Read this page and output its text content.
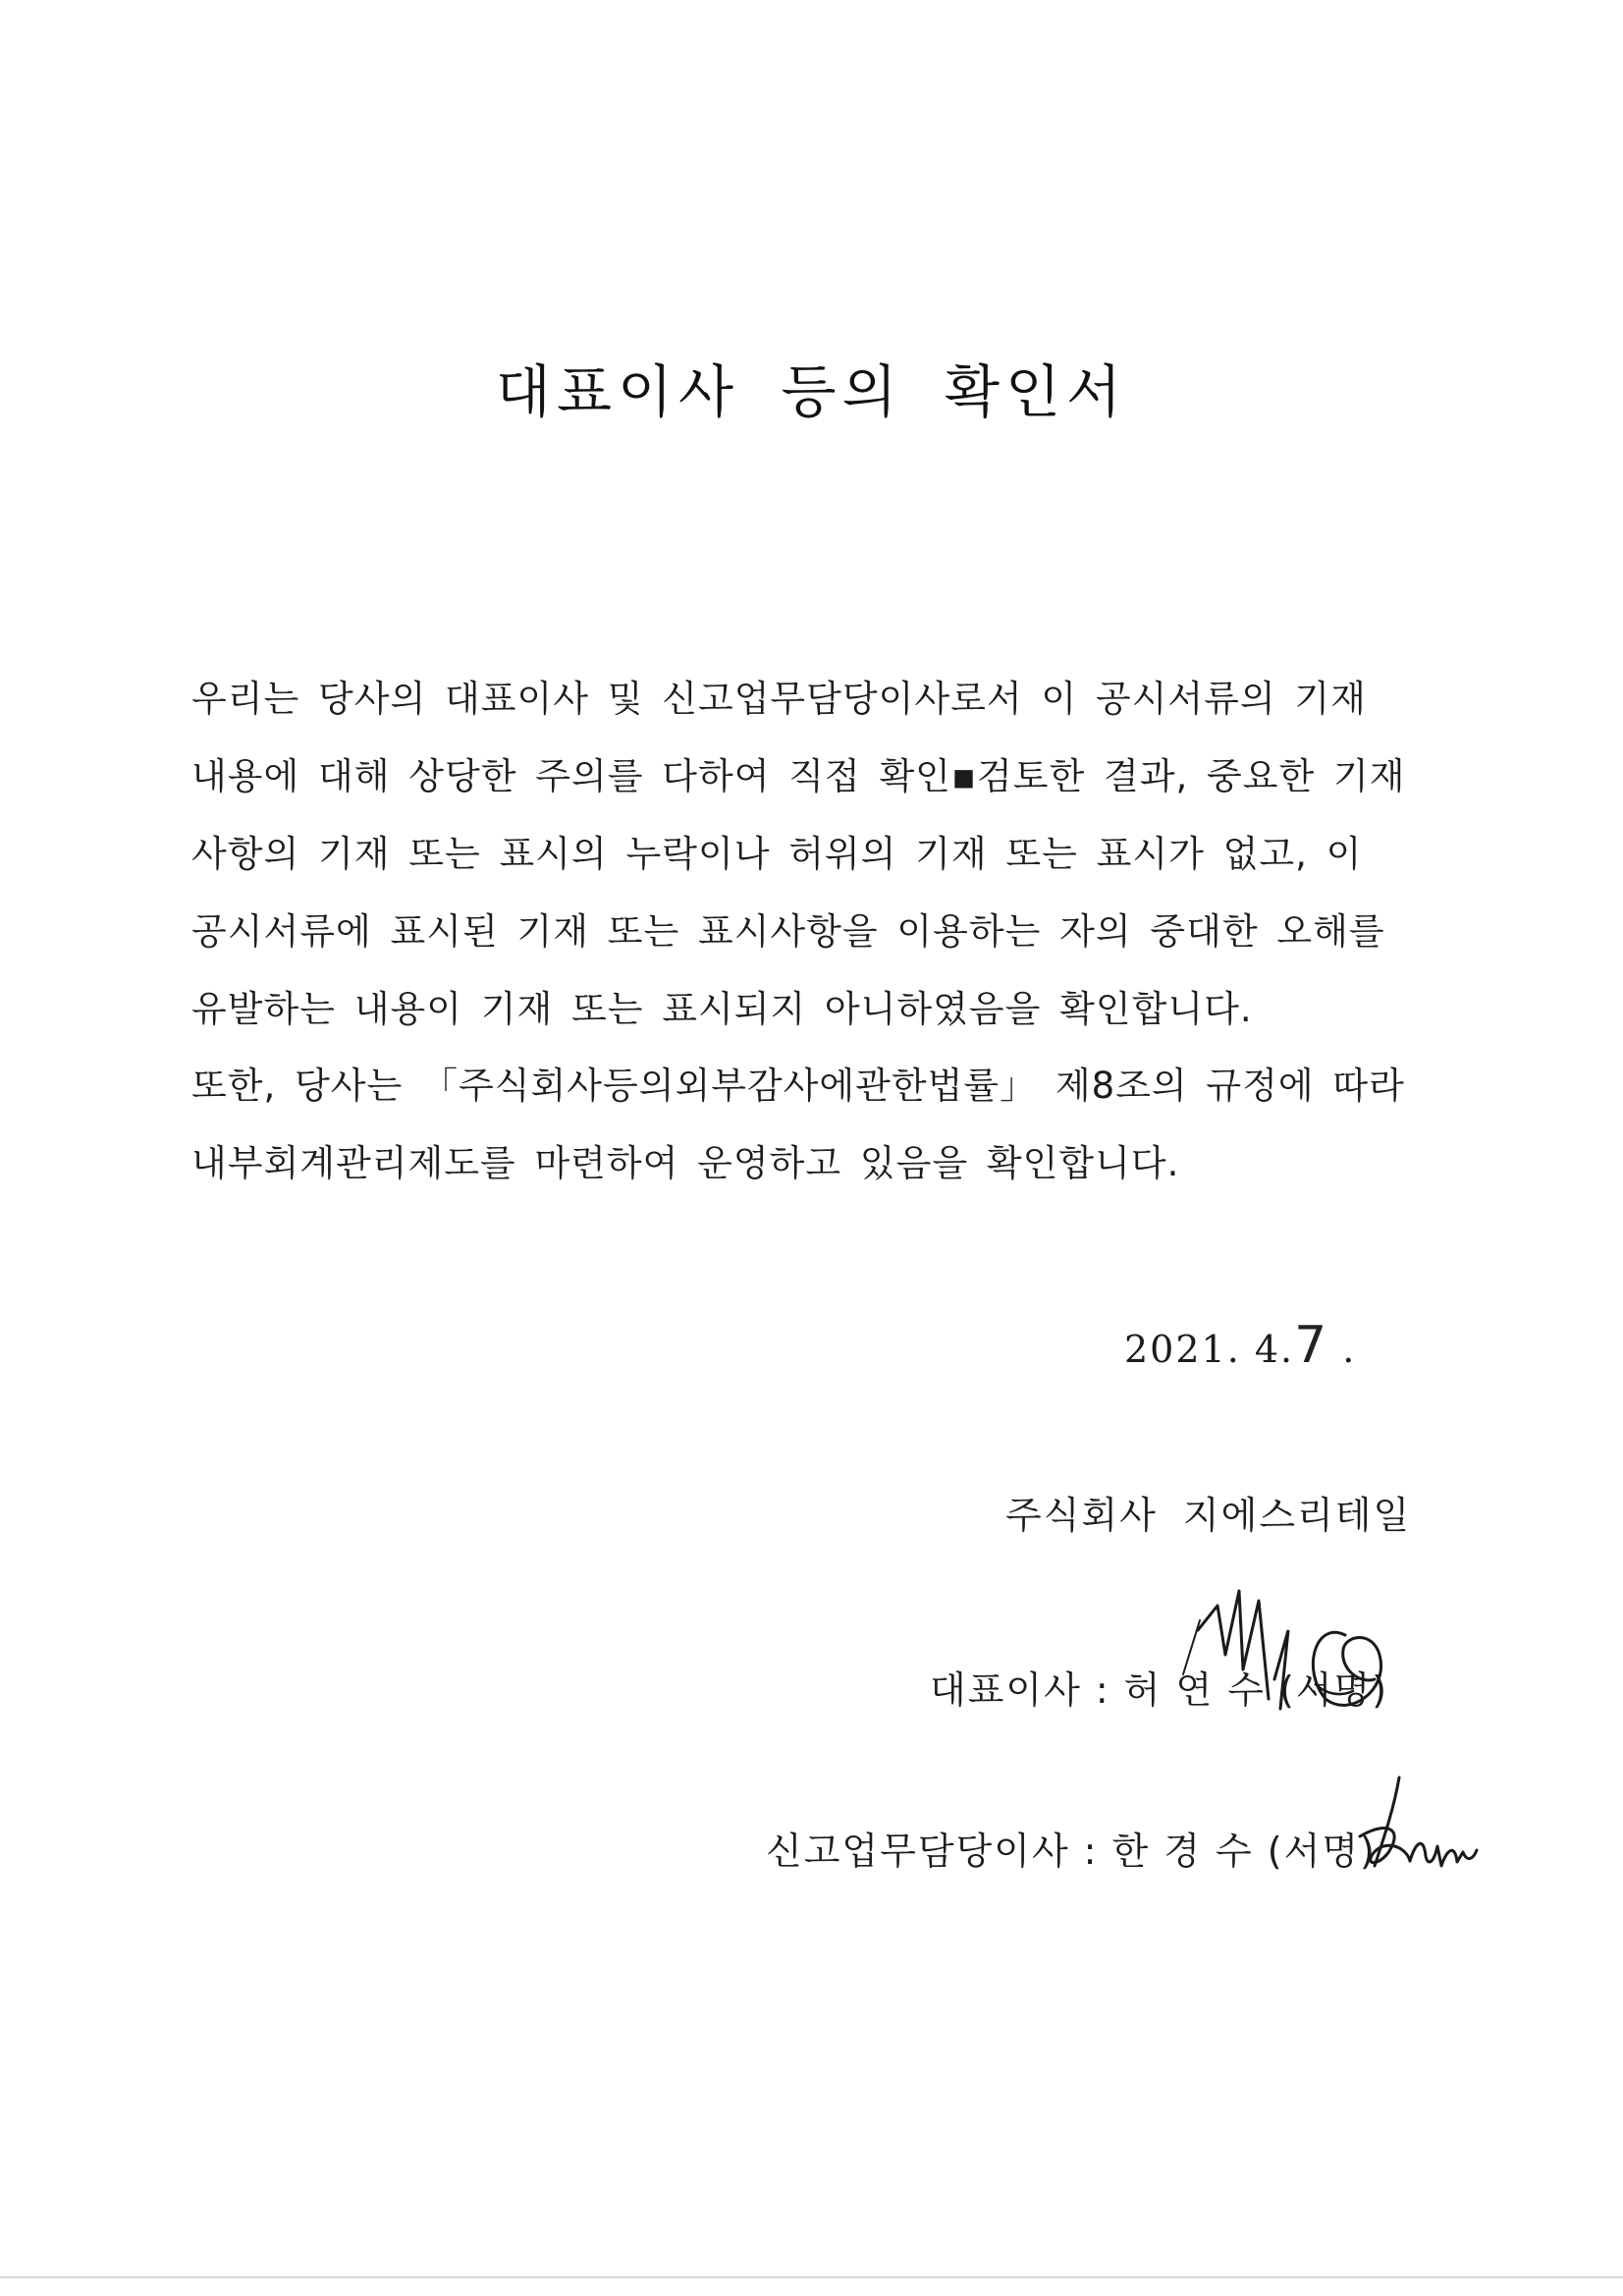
대표이사 등의 확인서
우리는 당사의 대표이사 및 신고업무담당이사로서 이 공시서류의 기재
내용에 대해 상당한 주의를 다하여 직접 확인▪검토한 결과, 중요한 기재
사항의 기재 또는 표시의 누락이나 허위의 기재 또는 표시가 없고, 이
공시서류에 표시된 기재 또는 표시사항을 이용하는 자의 중대한 오해를
유발하는 내용이 기재 또는 표시되지 아니하였음을 확인합니다.
또한, 당사는 「주식회사등의외부감사에관한법률」 제8조의 규정에 따라
내부회계관리제도를 마련하여 운영하고 있음을 확인합니다.
2021. 4.7 .
주식회사 지에스리테일
대표이사 : 허 연 수 (서명)
신고업무담당이사 : 한 경 수 (서명)
